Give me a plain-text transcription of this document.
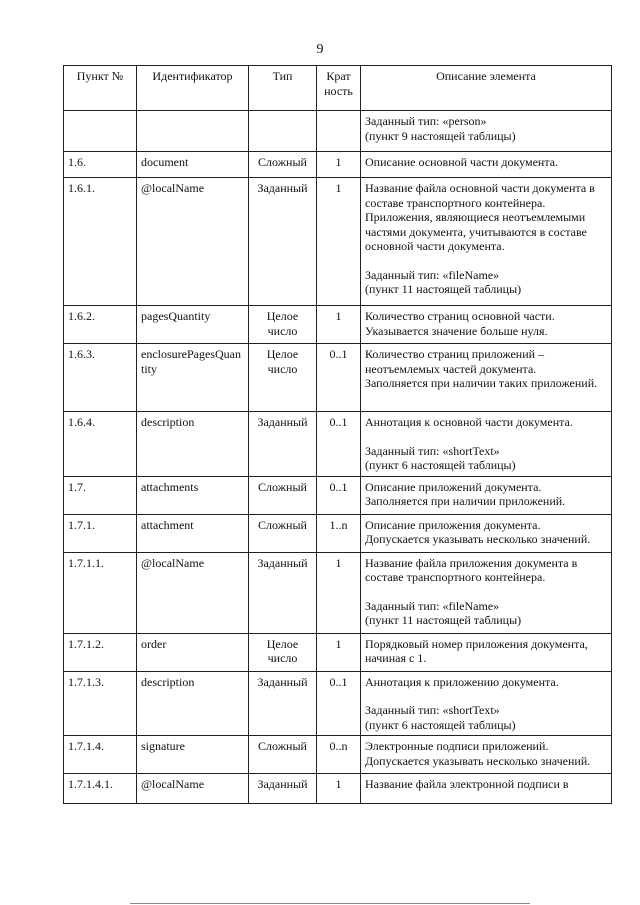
9
Пункт №	Идентификатор	Тип	Крат ность	Описание элемента

				Заданный тип: «person»
(пункт 9 настоящей таблицы)

1.6.	document	Сложный	1	Описание основной части документа.

1.6.1.	@localName	Заданный	1	Название файла основной части документа в составе транспортного контейнера.
Приложения, являющиеся неотъемлемыми частями документа, учитываются в составе основной части документа.
Заданный тип: «fileName»
(пункт 11 настоящей таблицы)

1.6.2.	pagesQuantity	Целое число	1	Количество страниц основной части.
Указывается значение больше нуля.

1.6.3.	enclosurePagesQuantity	Целое число	0..1	Количество страниц приложений – неотъемлемых частей документа.
Заполняется при наличии таких приложений.

1.6.4.	description	Заданный	0..1	Аннотация к основной части документа.
Заданный тип: «shortText»
(пункт 6 настоящей таблицы)

1.7.	attachments	Сложный	0..1	Описание приложений документа.
Заполняется при наличии приложений.

1.7.1.	attachment	Сложный	1..n	Описание приложения документа.
Допускается указывать несколько значений.

1.7.1.1.	@localName	Заданный	1	Название файла приложения документа в составе транспортного контейнера.
Заданный тип: «fileName»
(пункт 11 настоящей таблицы)

1.7.1.2.	order	Целое число	1	Порядковый номер приложения документа, начиная с 1.

1.7.1.3.	description	Заданный	0..1	Аннотация к приложению документа.
Заданный тип: «shortText»
(пункт 6 настоящей таблицы)

1.7.1.4.	signature	Сложный	0..n	Электронные подписи приложений.
Допускается указывать несколько значений.

1.7.1.4.1.	@localName	Заданный	1	Название файла электронной подписи в
